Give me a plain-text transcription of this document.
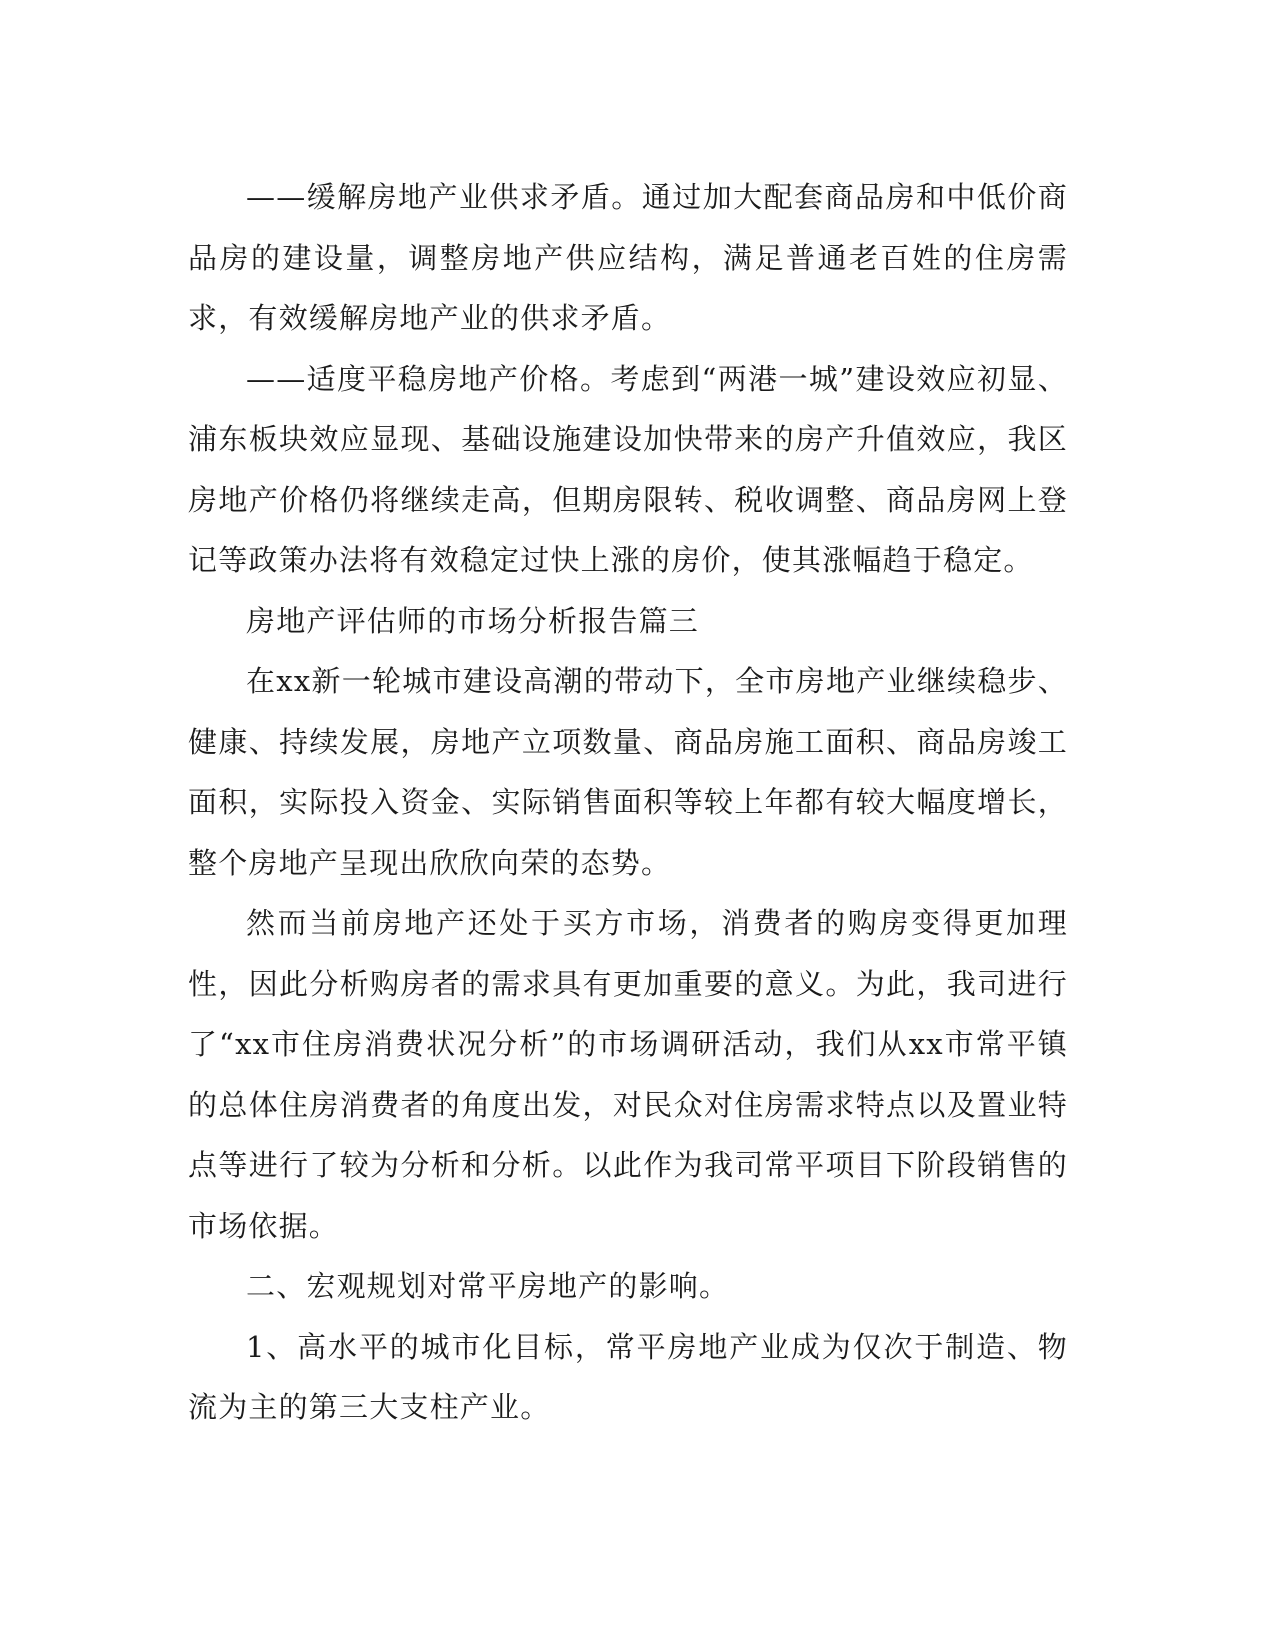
——缓解房地产业供求矛盾。通过加大配套商品房和中低价商品房的建设量，调整房地产供应结构，满足普通老百姓的住房需求，有效缓解房地产业的供求矛盾。

——适度平稳房地产价格。考虑到“两港一城”建设效应初显、浦东板块效应显现、基础设施建设加快带来的房产升值效应，我区房地产价格仍将继续走高，但期房限转、税收调整、商品房网上登记等政策办法将有效稳定过快上涨的房价，使其涨幅趋于稳定。

房地产评估师的市场分析报告篇三

在xx新一轮城市建设高潮的带动下，全市房地产业继续稳步、健康、持续发展，房地产立项数量、商品房施工面积、商品房竣工面积，实际投入资金、实际销售面积等较上年都有较大幅度增长，整个房地产呈现出欣欣向荣的态势。

然而当前房地产还处于买方市场，消费者的购房变得更加理性，因此分析购房者的需求具有更加重要的意义。为此，我司进行了“xx市住房消费状况分析”的市场调研活动，我们从xx市常平镇的总体住房消费者的角度出发，对民众对住房需求特点以及置业特点等进行了较为分析和分析。以此作为我司常平项目下阶段销售的市场依据。

二、宏观规划对常平房地产的影响。

1、高水平的城市化目标，常平房地产业成为仅次于制造、物流为主的第三大支柱产业。
